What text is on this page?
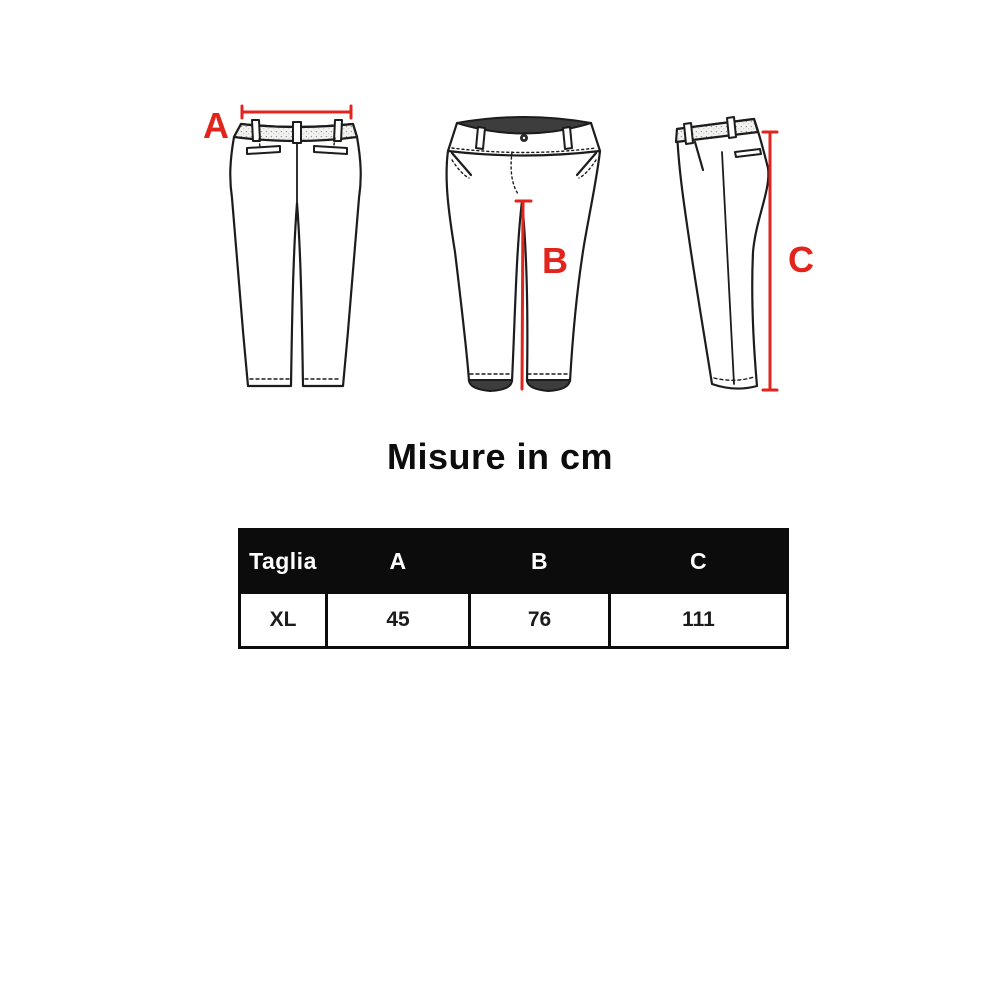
A
B	C
Misure in cm
Taglia	A	B	C
XL	45	76	111
